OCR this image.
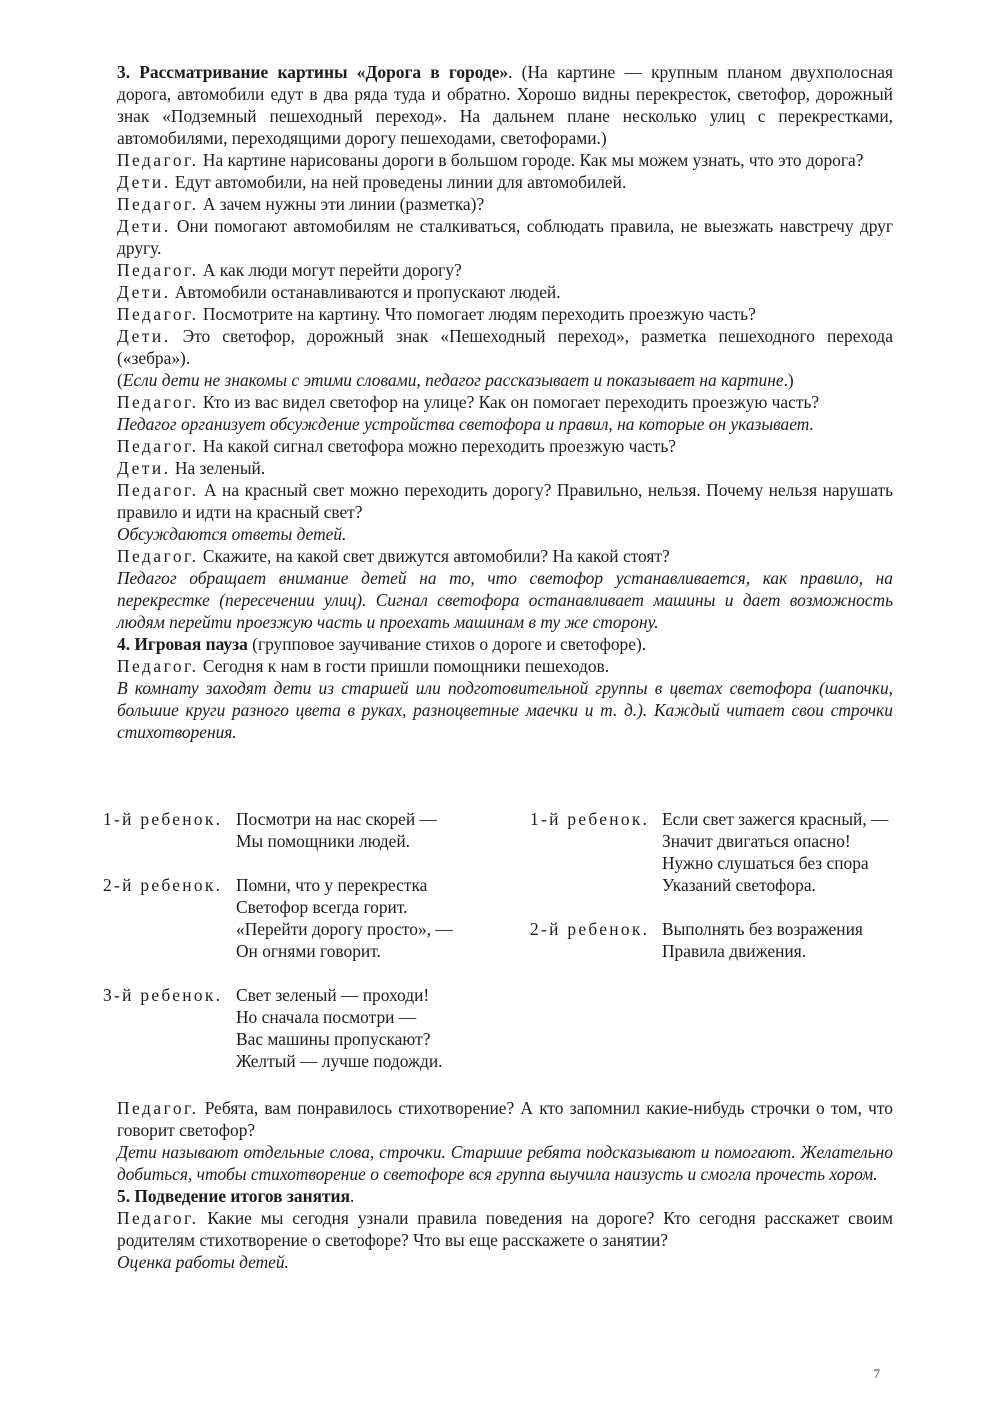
3. Рассматривание картины «Дорога в городе». (На картине — крупным планом двухполосная дорога, автомобили едут в два ряда туда и обратно. Хорошо видны перекресток, светофор, дорожный знак «Подземный пешеходный переход». На дальнем плане несколько улиц с перекрестками, автомобилями, переходящими дорогу пешеходами, светофорами.)

Педагог. На картине нарисованы дороги в большом городе. Как мы можем узнать, что это дорога?

Дети. Едут автомобили, на ней проведены линии для автомобилей.

Педагог. А зачем нужны эти линии (разметка)?

Дети. Они помогают автомобилям не сталкиваться, соблюдать правила, не выезжать навстречу друг другу.

Педагог. А как люди могут перейти дорогу?

Дети. Автомобили останавливаются и пропускают людей.

Педагог. Посмотрите на картину. Что помогает людям переходить проезжую часть?

Дети. Это светофор, дорожный знак «Пешеходный переход», разметка пешеходного перехода («зебра»).

(Если дети не знакомы с этими словами, педагог рассказывает и показывает на картине.)

Педагог. Кто из вас видел светофор на улице? Как он помогает переходить проезжую часть?

Педагог организует обсуждение устройства светофора и правил, на которые он указывает.

Педагог. На какой сигнал светофора можно переходить проезжую часть?

Дети. На зеленый.

Педагог. А на красный свет можно переходить дорогу? Правильно, нельзя. Почему нельзя нарушать правило и идти на красный свет?

Обсуждаются ответы детей.

Педагог. Скажите, на какой свет движутся автомобили? На какой стоят?

Педагог обращает внимание детей на то, что светофор устанавливается, как правило, на перекрестке (пересечении улиц). Сигнал светофора останавливает машины и дает возможность людям перейти проезжую часть и проехать машинам в ту же сторону.

4. Игровая пауза (групповое заучивание стихов о дороге и светофоре).

Педагог. Сегодня к нам в гости пришли помощники пешеходов.

В комнату заходят дети из старшей или подготовительной группы в цветах светофора (шапочки, большие круги разного цвета в руках, разноцветные маечки и т. д.). Каждый читает свои строчки стихотворения.

1-й ребенок. Посмотри на нас скорей —
Мы помощники людей.
2-й ребенок. Помни, что у перекрестка
Светофор всегда горит.
«Перейти дорогу просто», —
Он огнями говорит.
3-й ребенок. Свет зеленый — проходи!
Но сначала посмотри —
Вас машины пропускают?
Желтый — лучше подожди.
1-й ребенок. Если свет зажегся красный, —
Значит двигаться опасно!
Нужно слушаться без спора
Указаний светофора.
2-й ребенок. Выполнять без возражения
Правила движения.

Педагог. Ребята, вам понравилось стихотворение? А кто запомнил какие-нибудь строчки о том, что говорит светофор?

Дети называют отдельные слова, строчки. Старшие ребята подсказывают и помогают. Желательно добиться, чтобы стихотворение о светофоре вся группа выучила наизусть и смогла прочесть хором.

5. Подведение итогов занятия.

Педагог. Какие мы сегодня узнали правила поведения на дороге? Кто сегодня расскажет своим родителям стихотворение о светофоре? Что вы еще расскажете о занятии?

Оценка работы детей.

7
